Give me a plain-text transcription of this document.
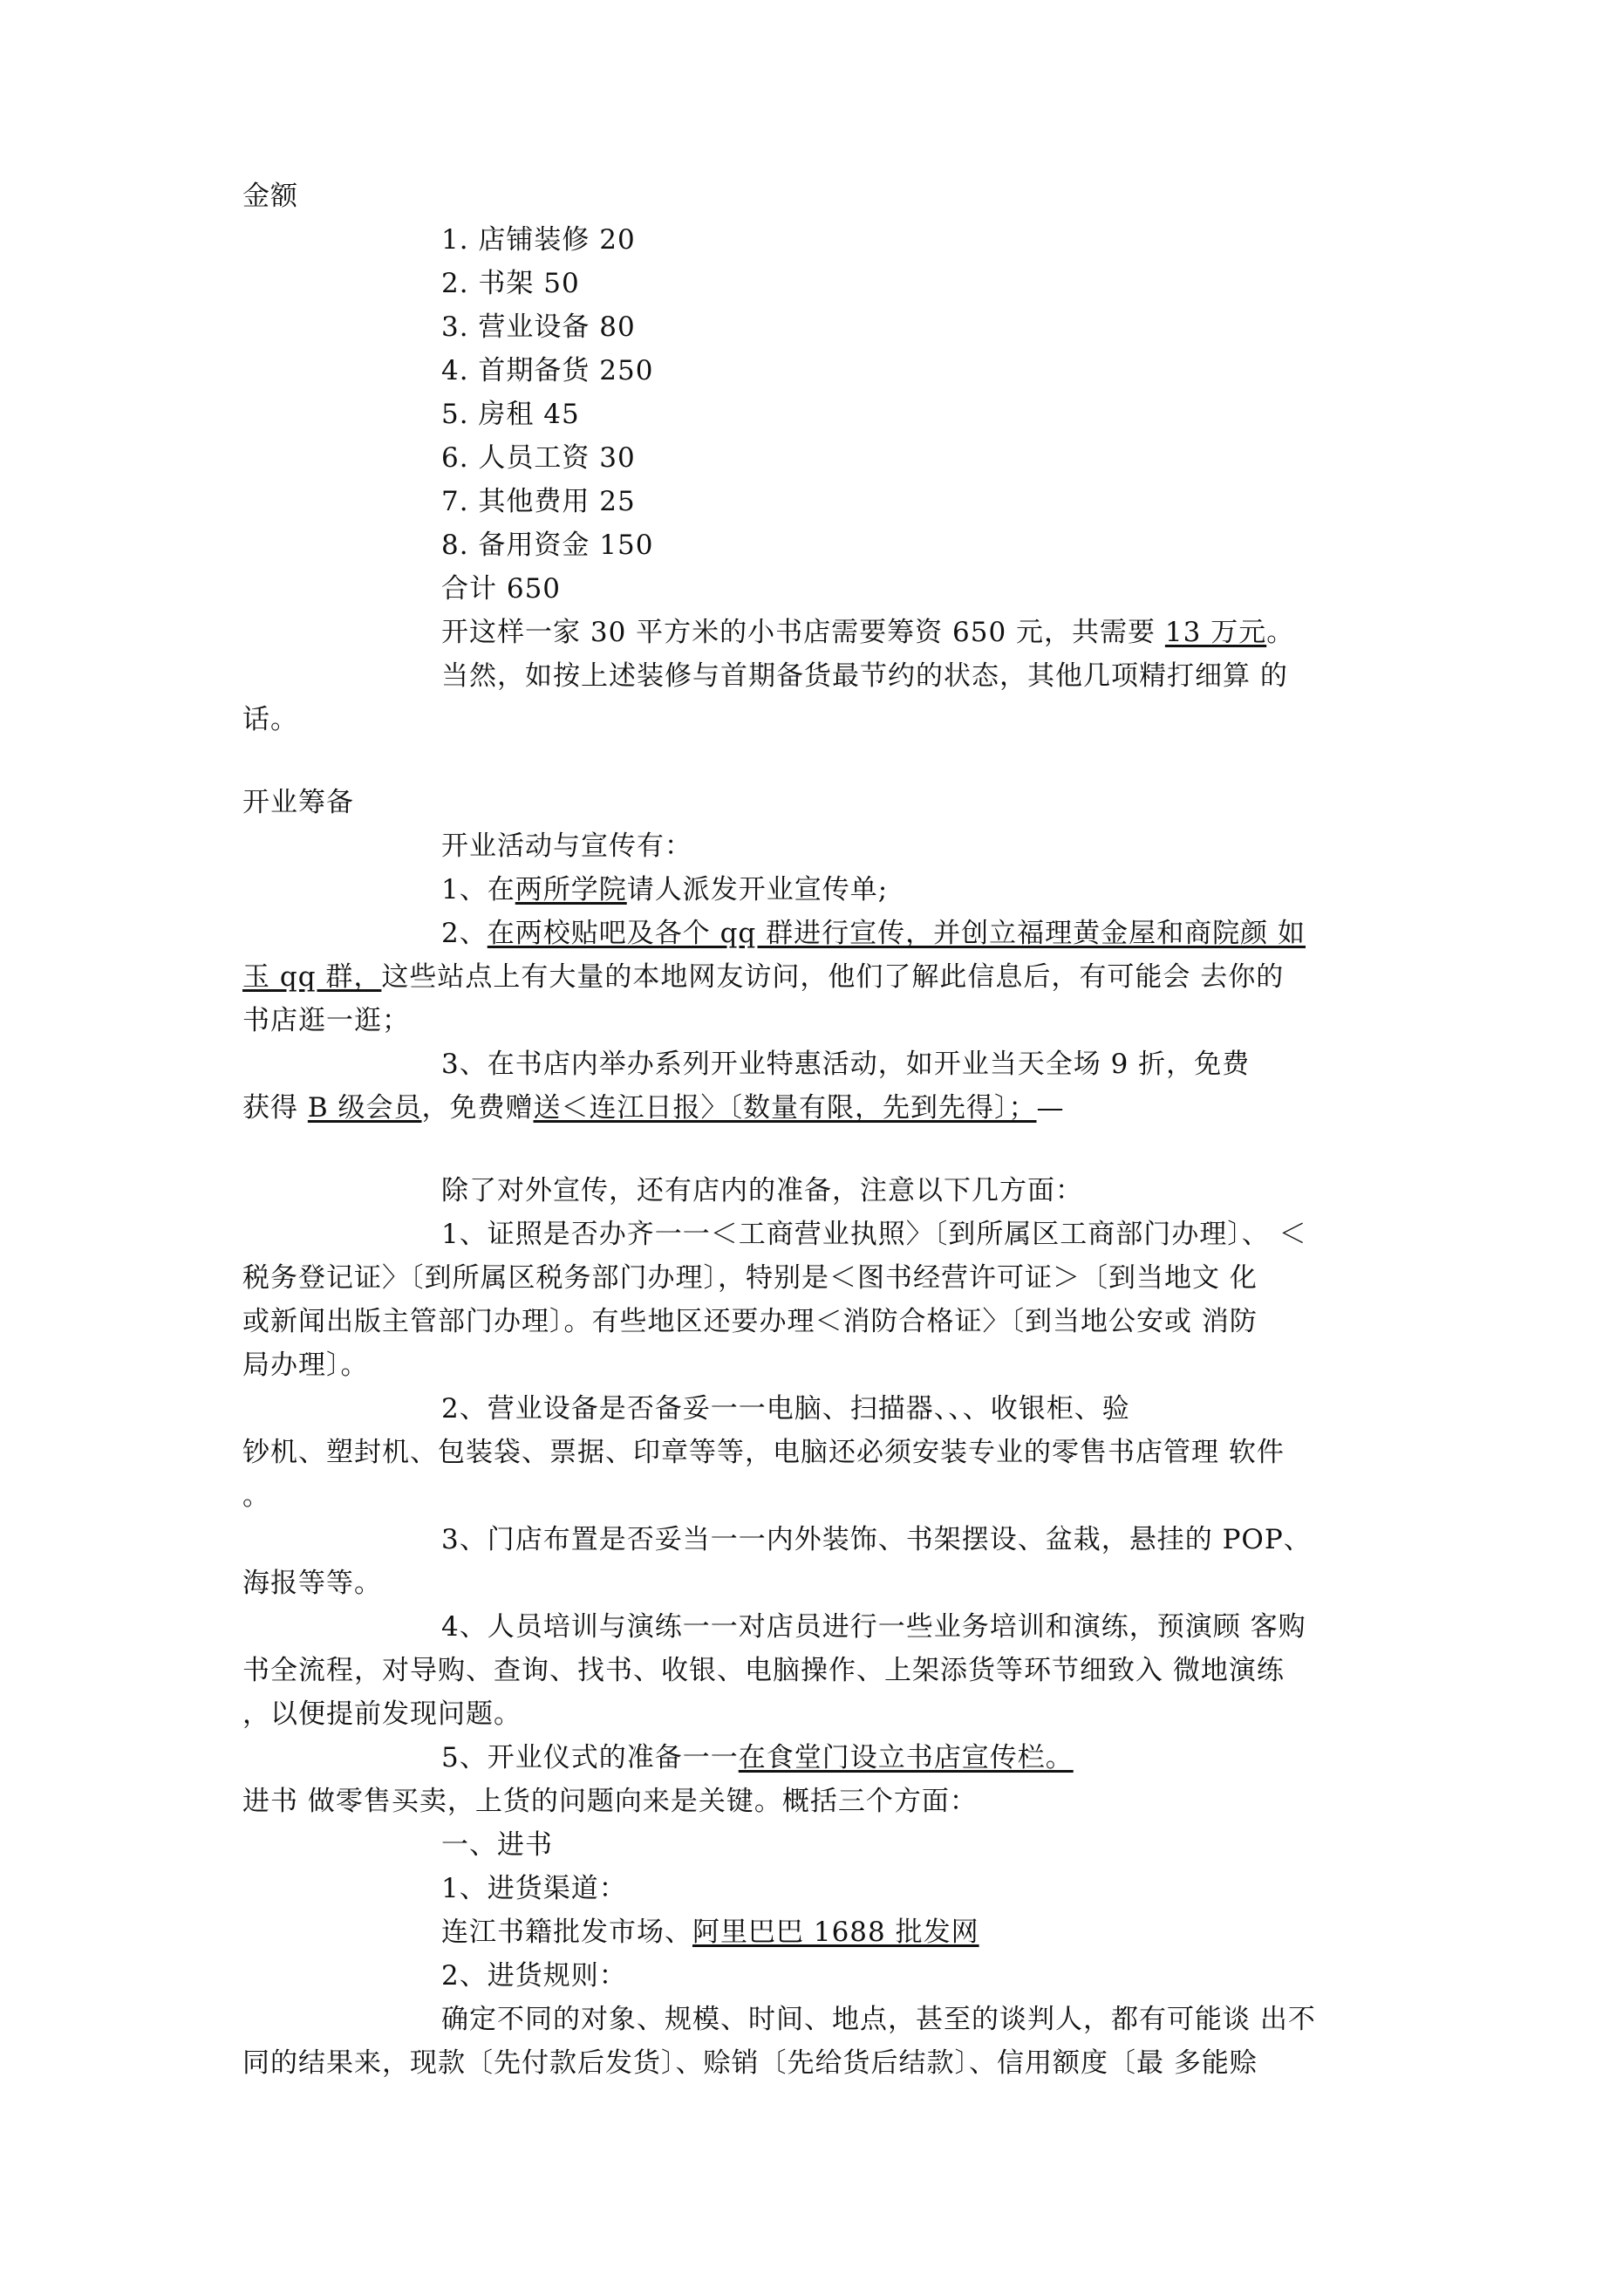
金额
1. 店铺装修 20
2. 书架 50
3. 营业设备 80
4. 首期备货 250
5. 房租 45
6. 人员工资 30
7. 其他费用 25
8. 备用资金 150
合计 650
开这样一家 30 平方米的小书店需要筹资 650 元，共需要 13 万元。
当然，如按上述装修与首期备货最节约的状态，其他几项精打细算 的
话。
开业筹备
开业活动与宣传有：
1、在两所学院请人派发开业宣传单;
2、在两校贴吧及各个 qq 群进行宣传，并创立福理黄金屋和商院颜 如
玉 qq 群，这些站点上有大量的本地网友访问，他们了解此信息后，有可能会 去你的
书店逛一逛；
3、在书店内举办系列开业特惠活动，如开业当天全场 9 折，免费
获得 B 级会员，免费赠送＜连江日报〉〔数量有限，先到先得〕；—
除了对外宣传，还有店内的准备，注意以下几方面：
1、证照是否办齐一一＜工商营业执照〉〔到所属区工商部门办理〕、 ＜
税务登记证〉〔到所属区税务部门办理〕，特别是＜图书经营许可证＞〔到当地文 化
或新闻出版主管部门办理〕。有些地区还要办理＜消防合格证〉〔到当地公安或 消防
局办理〕。
2、营业设备是否备妥一一电脑、扫描器、、、收银柜、验
钞机、塑封机、包装袋、票据、印章等等，电脑还必须安装专业的零售书店管理 软件
。
3、门店布置是否妥当一一内外装饰、书架摆设、盆栽，悬挂的 POP、
海报等等。
4、人员培训与演练一一对店员进行一些业务培训和演练，预演顾 客购
书全流程，对导购、查询、找书、收银、电脑操作、上架添货等环节细致入 微地演练
，以便提前发现问题。
5、开业仪式的准备一一在食堂门设立书店宣传栏。
进书 做零售买卖，上货的问题向来是关键。概括三个方面：
一、进书
1、进货渠道：
连江书籍批发市场、阿里巴巴 1688 批发网
2、进货规则：
确定不同的对象、规模、时间、地点，甚至的谈判人，都有可能谈 出不
同的结果来，现款〔先付款后发货〕、赊销〔先给货后结款〕、信用额度〔最 多能赊
